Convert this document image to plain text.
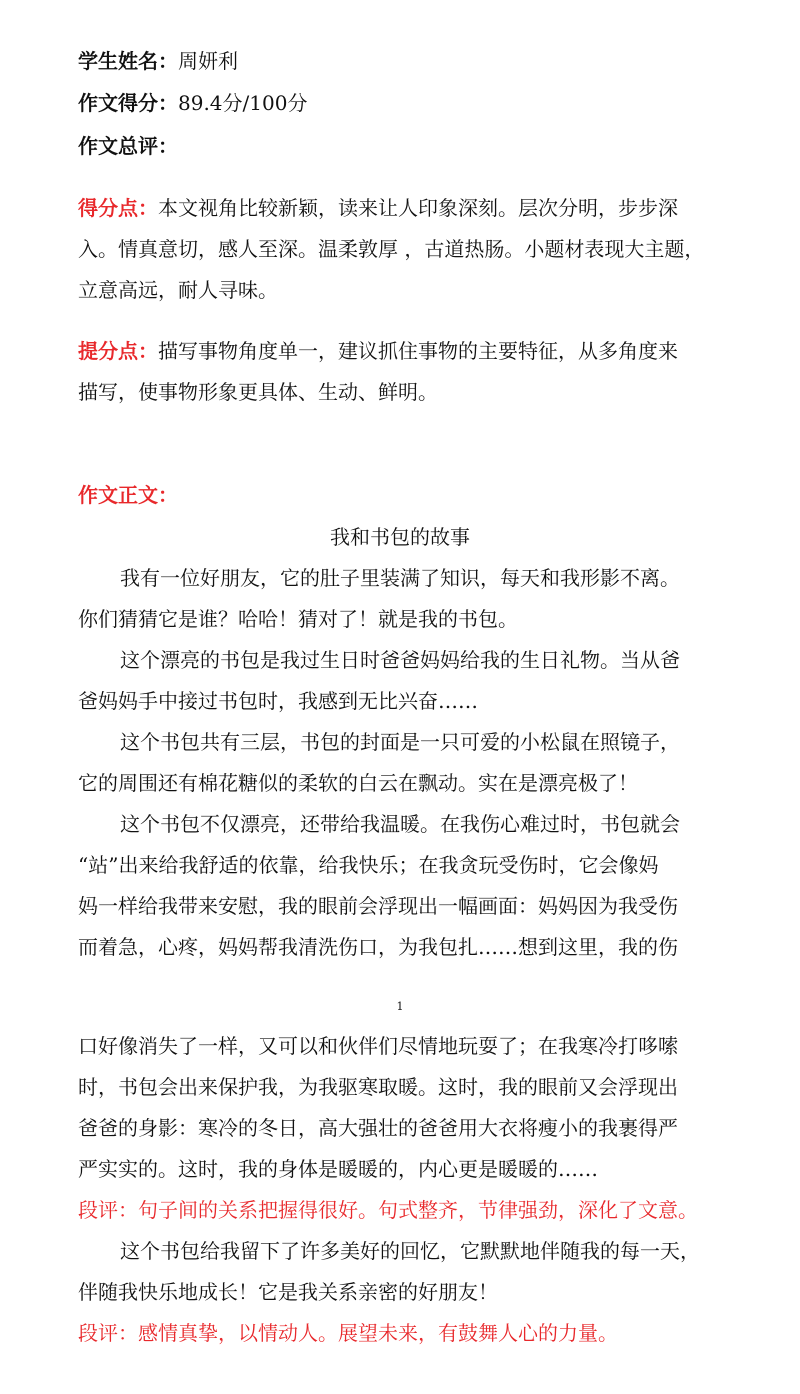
学生姓名：周妍利
作文得分：89.4分/100分
作文总评：
得分点：本文视角比较新颖，读来让人印象深刻。层次分明，步步深
入。情真意切，感人至深。温柔敦厚 ，古道热肠。小题材表现大主题，
立意高远，耐人寻味。
提分点：描写事物角度单一，建议抓住事物的主要特征，从多角度来
描写，使事物形象更具体、生动、鲜明。
作文正文：
我和书包的故事
我有一位好朋友，它的肚子里装满了知识，每天和我形影不离。
你们猜猜它是谁？哈哈！猜对了！就是我的书包。
这个漂亮的书包是我过生日时爸爸妈妈给我的生日礼物。当从爸
爸妈妈手中接过书包时，我感到无比兴奋……
这个书包共有三层，书包的封面是一只可爱的小松鼠在照镜子，
它的周围还有棉花糖似的柔软的白云在飘动。实在是漂亮极了！
这个书包不仅漂亮，还带给我温暖。在我伤心难过时，书包就会
“站”出来给我舒适的依靠，给我快乐；在我贪玩受伤时，它会像妈
妈一样给我带来安慰，我的眼前会浮现出一幅画面：妈妈因为我受伤
而着急，心疼，妈妈帮我清洗伤口，为我包扎……想到这里，我的伤
1
口好像消失了一样，又可以和伙伴们尽情地玩耍了；在我寒冷打哆嗦
时，书包会出来保护我，为我驱寒取暖。这时，我的眼前又会浮现出
爸爸的身影：寒冷的冬日，高大强壮的爸爸用大衣将瘦小的我裹得严
严实实的。这时，我的身体是暖暖的，内心更是暖暖的……
段评：句子间的关系把握得很好。句式整齐，节律强劲，深化了文意。
这个书包给我留下了许多美好的回忆，它默默地伴随我的每一天，
伴随我快乐地成长！它是我关系亲密的好朋友！
段评：感情真挚，以情动人。展望未来，有鼓舞人心的力量。
